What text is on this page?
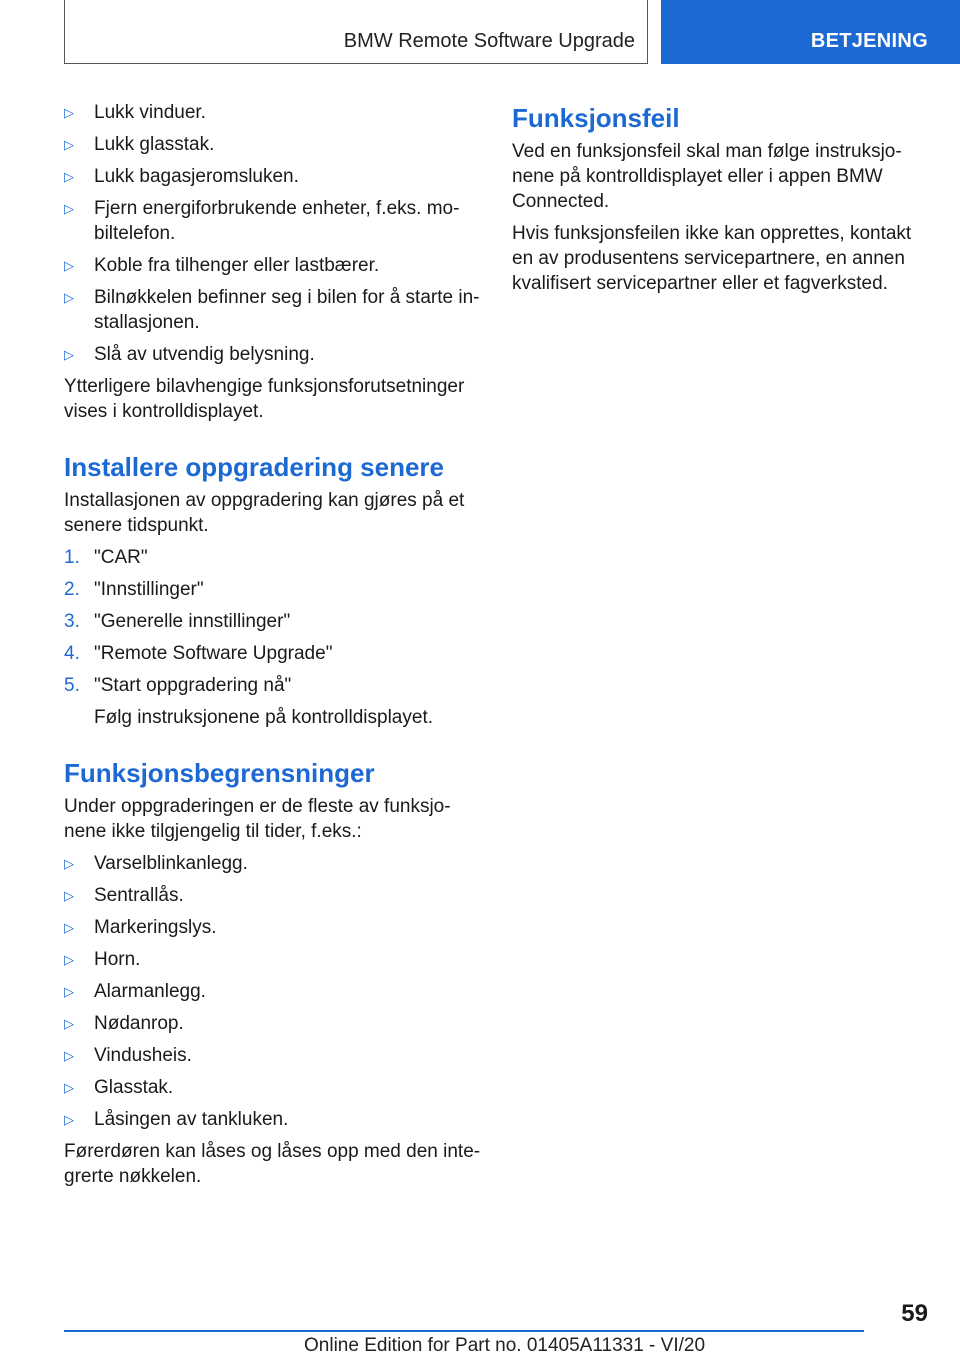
BMW Remote Software Upgrade	BETJENING
▷ Lukk vinduer.
▷ Lukk glasstak.
▷ Lukk bagasjeromsluken.
▷ Fjern energiforbrukende enheter, f.eks. mobiltelefon.
▷ Koble fra tilhenger eller lastbærer.
▷ Bilnøkkelen befinner seg i bilen for å starte installasjonen.
▷ Slå av utvendig belysning.

Ytterligere bilavhengige funksjonsforutsetninger vises i kontrolldisplayet.

Installere oppgradering senere

Installasjonen av oppgradering kan gjøres på et senere tidspunkt.

1. "CAR"
2. "Innstillinger"
3. "Generelle innstillinger"
4. "Remote Software Upgrade"
5. "Start oppgradering nå"
Følg instruksjonene på kontrolldisplayet.
Funksjonsbegrensninger

Under oppgraderingen er de fleste av funksjonene ikke tilgjengelig til tider, f.eks.:

▷ Varselblinkanlegg.
▷ Sentrallås.
▷ Markeringslys.
▷ Horn.
▷ Alarmanlegg.
▷ Nødanrop.
▷ Vindusheis.
▷ Glasstak.
▷ Låsingen av tankluken.

Førerdøren kan låses og låses opp med den integrerte nøkkelen.

Funksjonsfeil

Ved en funksjonsfeil skal man følge instruksjonene på kontrolldisplayet eller i appen BMW Connected.

Hvis funksjonsfeilen ikke kan opprettes, kontakt en av produsentens servicepartnere, en annen kvalifisert servicepartner eller et fagverksted.

59
Online Edition for Part no. 01405A11331 - VI/20
